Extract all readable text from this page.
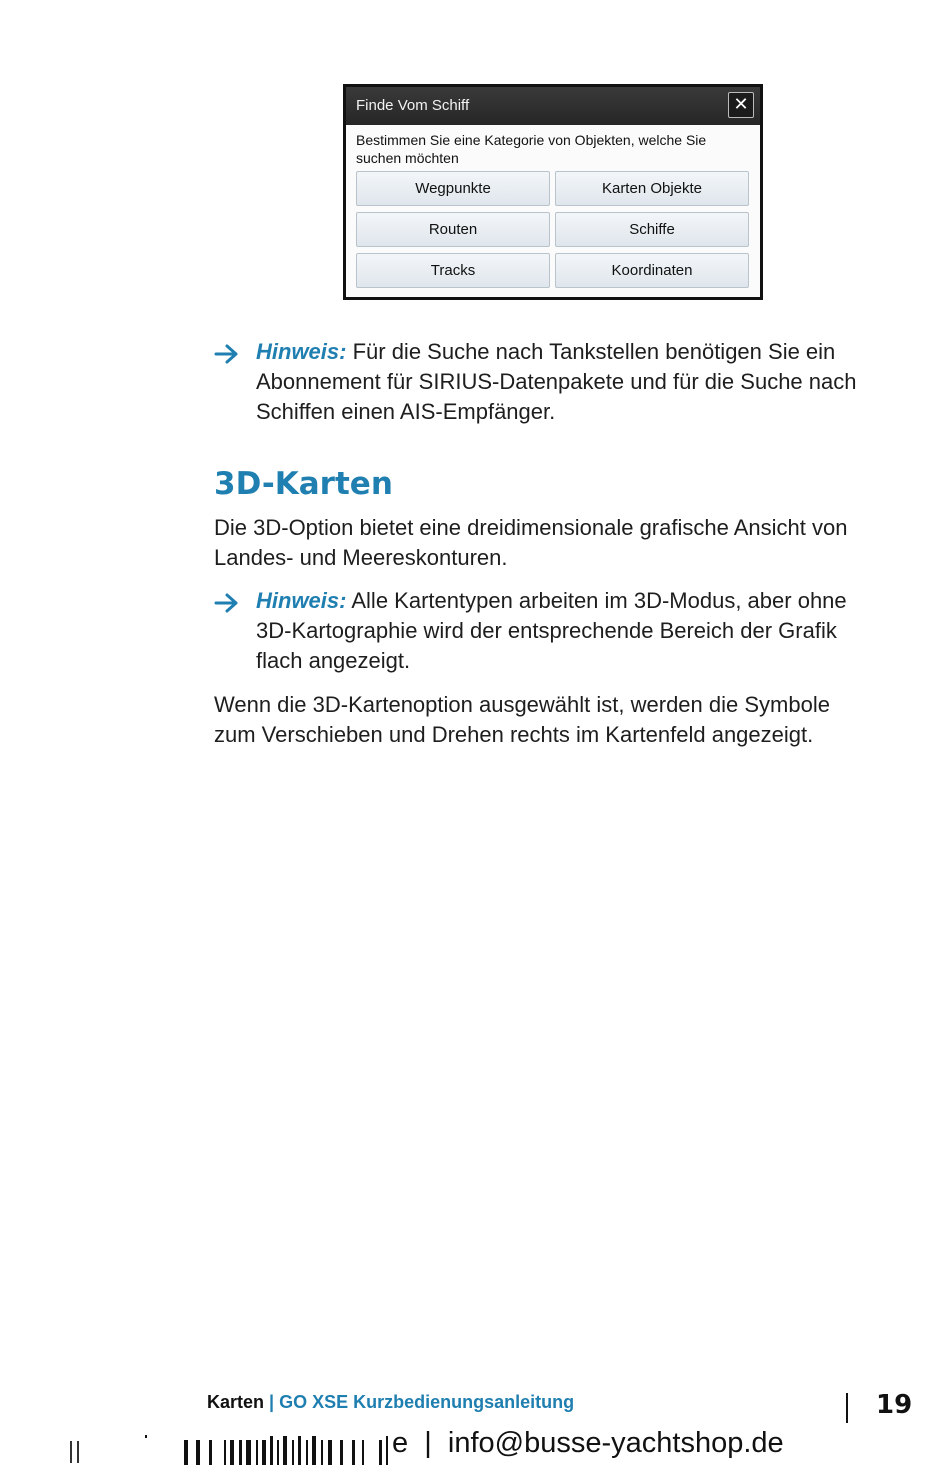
Finde Vom Schiff	✕
Bestimmen Sie eine Kategorie von Objekten, welche Sie suchen möchten
Wegpunkte	Karten Objekte
Routen	Schiffe
Tracks	Koordinaten
Hinweis: Für die Suche nach Tankstellen benötigen Sie ein Abonnement für SIRIUS-Datenpakete und für die Suche nach Schiffen einen AIS-Empfänger.
3D-Karten

Die 3D-Option bietet eine dreidimensionale grafische Ansicht von Landes- und Meereskonturen.

Hinweis: Alle Kartentypen arbeiten im 3D-Modus, aber ohne 3D-Kartographie wird der entsprechende Bereich der Grafik flach angezeigt.

Wenn die 3D-Kartenoption ausgewählt ist, werden die Symbole zum Verschieben und Drehen rechts im Kartenfeld angezeigt.

Karten | GO XSE Kurzbedienungsanleitung	19
e  |  info@busse-yachtshop.de
